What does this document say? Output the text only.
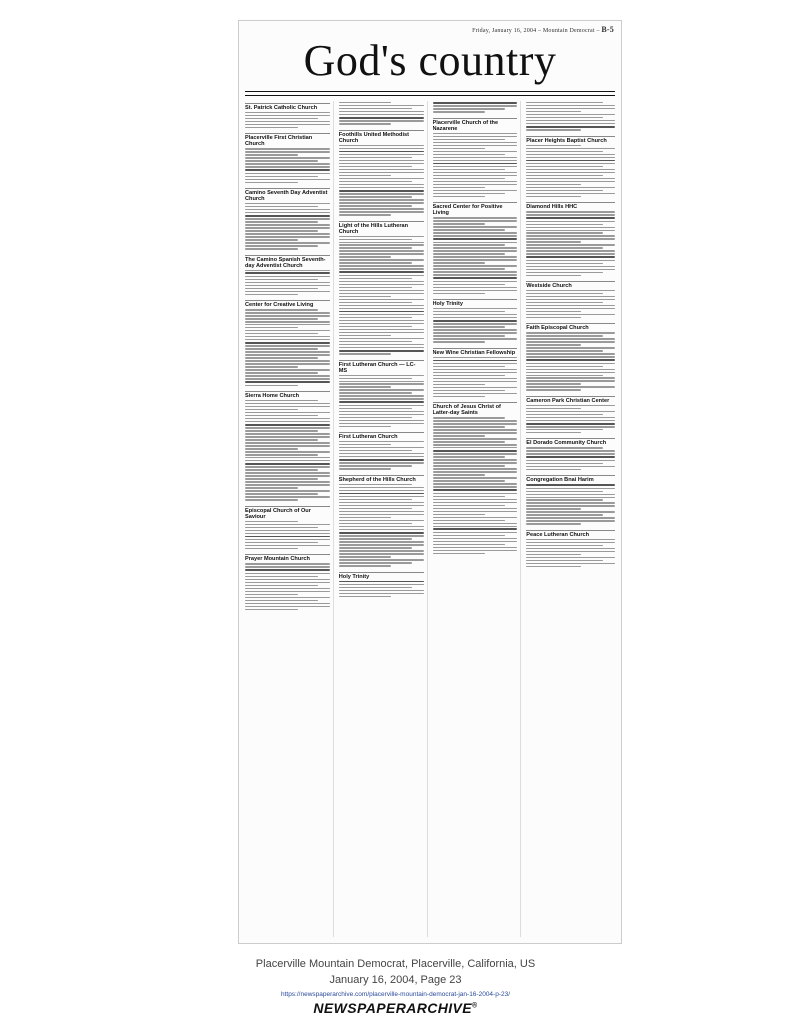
Friday, January 16, 2004 – Mountain Democrat – B-5
God's country
St. Patrick Catholic Church
Placerville First Christian Church
Camino Seventh Day Adventist Church
The Camino Spanish Seventh-day Adventist Church
Center for Creative Living
Sierra Home Church
Episcopal Church of Our Saviour
Prayer Mountain Church
Foothills United Methodist Church
Light of the Hills Lutheran Church
First Lutheran Church — LC-MS
First Lutheran Church
Shepherd of the Hills Church
Holy Trinity
Placerville Church of the Nazarene
Sacred Center for Positive Living
Holy Trinity
New Wine Christian Fellowship
Church of Jesus Christ of Latter-day Saints
Placer Heights Baptist Church
Diamond Hills HHC
Westside Church
Faith Episcopal Church
Cameron Park Christian Center
El Dorado Community Church
Congregation Bnai Harim
Peace Lutheran Church
Placerville Mountain Democrat, Placerville, California, US
January 16, 2004, Page 23
https://newspaperarchive.com/placerville-mountain-democrat-jan-16-2004-p-23/
NEWSPAPERARCHIVE®
